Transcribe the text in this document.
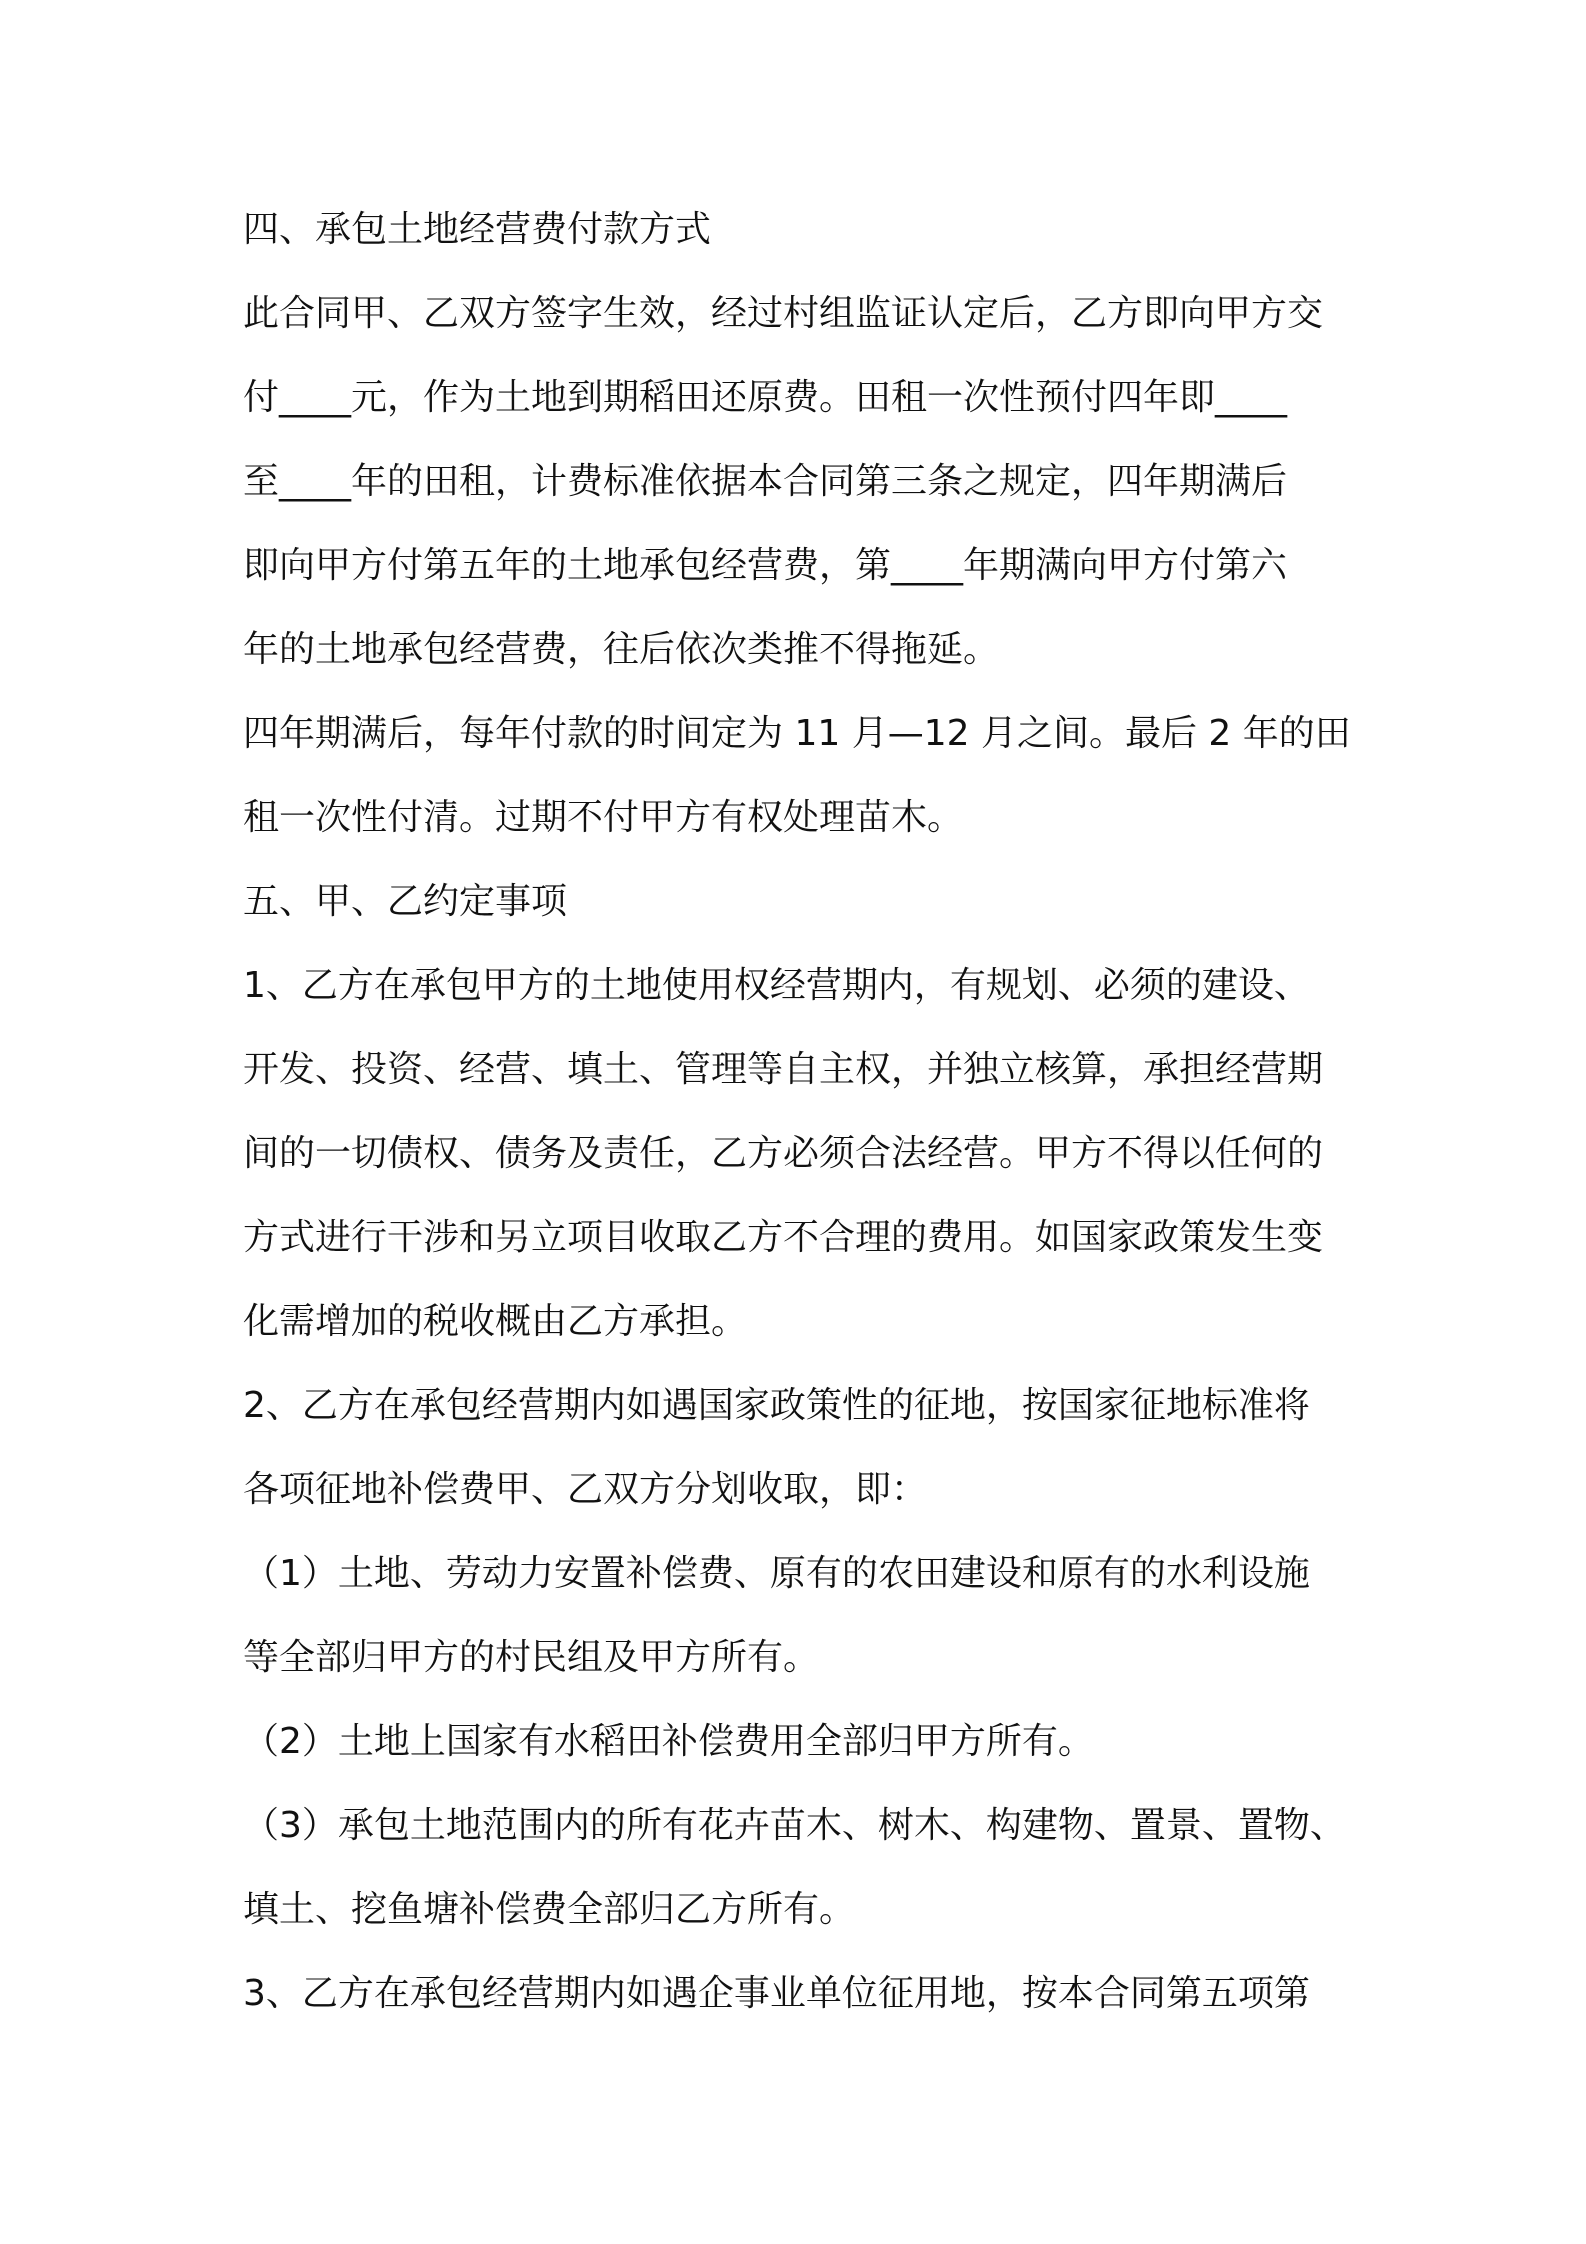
四、承包土地经营费付款方式
此合同甲、乙双方签字生效，经过村组监证认定后，乙方即向甲方交
付____元，作为土地到期稻田还原费。田租一次性预付四年即____
至____年的田租，计费标准依据本合同第三条之规定，四年期满后
即向甲方付第五年的土地承包经营费，第____年期满向甲方付第六
年的土地承包经营费，往后依次类推不得拖延。
四年期满后，每年付款的时间定为 11 月—12 月之间。最后 2 年的田
租一次性付清。过期不付甲方有权处理苗木。
五、甲、乙约定事项
1、乙方在承包甲方的土地使用权经营期内，有规划、必须的建设、
开发、投资、经营、填土、管理等自主权，并独立核算，承担经营期
间的一切债权、债务及责任，乙方必须合法经营。甲方不得以任何的
方式进行干涉和另立项目收取乙方不合理的费用。如国家政策发生变
化需增加的税收概由乙方承担。
2、乙方在承包经营期内如遇国家政策性的征地，按国家征地标准将
各项征地补偿费甲、乙双方分划收取，即：
（1）土地、劳动力安置补偿费、原有的农田建设和原有的水利设施
等全部归甲方的村民组及甲方所有。
（2）土地上国家有水稻田补偿费用全部归甲方所有。
（3）承包土地范围内的所有花卉苗木、树木、构建物、置景、置物、
填土、挖鱼塘补偿费全部归乙方所有。
3、乙方在承包经营期内如遇企事业单位征用地，按本合同第五项第
